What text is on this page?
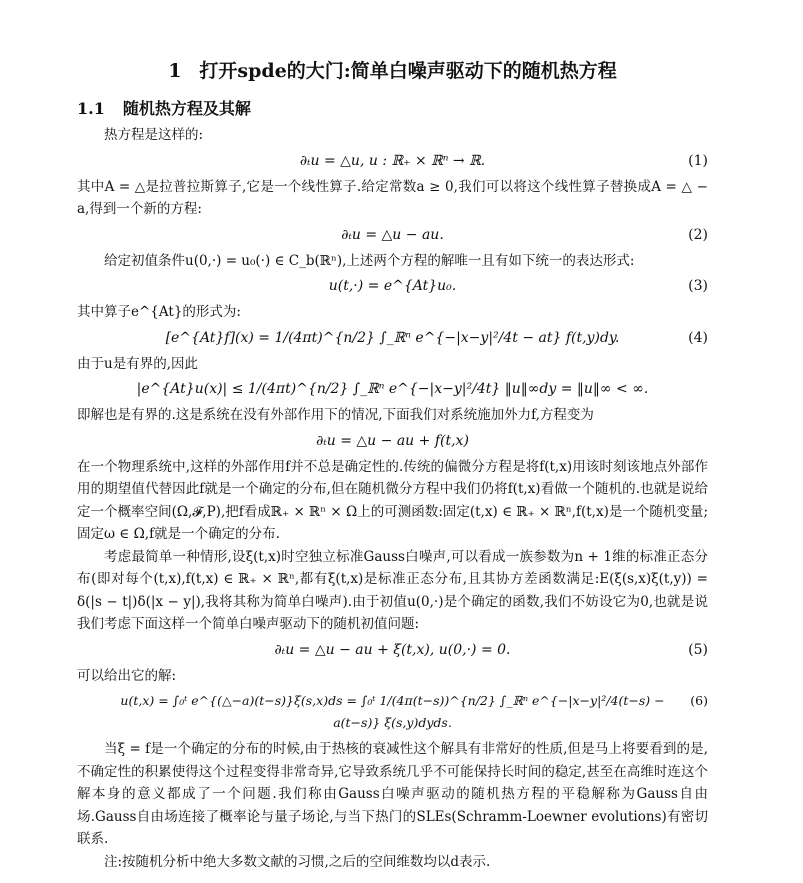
1 打开spde的大门:简单白噪声驱动下的随机热方程
1.1 随机热方程及其解

热方程是这样的:

∂ₜu = △u, u : ℝ₊ × ℝⁿ → ℝ.	(1)

其中A = △是拉普拉斯算子,它是一个线性算子.给定常数a ≥ 0,我们可以将这个线性算子替换成A = △ − a,得到一个新的方程:

∂ₜu = △u − au.	(2)

给定初值条件u(0,·) = u₀(·) ∈ C_b(ℝⁿ),上述两个方程的解唯一且有如下统一的表达形式:

u(t,·) = e^{At}u₀.	(3)

其中算子e^{At}的形式为:

[e^{At}f](x) = 1/(4πt)^{n/2} ∫_ℝⁿ e^{−|x−y|²/4t − at} f(t,y)dy.	(4)

由于u是有界的,因此

|e^{At}u(x)| ≤ 1/(4πt)^{n/2} ∫_ℝⁿ e^{−|x−y|²/4t} ‖u‖∞dy = ‖u‖∞ < ∞.

即解也是有界的.这是系统在没有外部作用下的情况,下面我们对系统施加外力f,方程变为

∂ₜu = △u − au + f(t,x)

在一个物理系统中,这样的外部作用f并不总是确定性的.传统的偏微分方程是将f(t,x)用该时刻该地点外部作用的期望值代替因此f就是一个确定的分布,但在随机微分方程中我们仍将f(t,x)看做一个随机的.也就是说给定一个概率空间(Ω,𝓕,P),把f看成ℝ₊ × ℝⁿ × Ω上的可测函数:固定(t,x) ∈ ℝ₊ × ℝⁿ,f(t,x)是一个随机变量;固定ω ∈ Ω,f就是一个确定的分布.

考虑最简单一种情形,设ξ(t,x)时空独立标准Gauss白噪声,可以看成一族参数为n + 1维的标准正态分布(即对每个(t,x),f(t,x) ∈ ℝ₊ × ℝⁿ,都有ξ(t,x)是标准正态分布,且其协方差函数满足:E(ξ(s,x)ξ(t,y)) = δ(|s − t|)δ(|x − y|),我将其称为简单白噪声).由于初值u(0,·)是个确定的函数,我们不妨设它为0,也就是说我们考虑下面这样一个简单白噪声驱动下的随机初值问题:

∂ₜu = △u − au + ξ(t,x), u(0,·) = 0.	(5)

可以给出它的解:

u(t,x) = ∫₀ᵗ e^{(△−a)(t−s)}ξ(s,x)ds = ∫₀ᵗ 1/(4π(t−s))^{n/2} ∫_ℝⁿ e^{−|x−y|²/4(t−s) − a(t−s)} ξ(s,y)dyds.
(6)

当ξ = f是一个确定的分布的时候,由于热核的衰减性这个解具有非常好的性质,但是马上将要看到的是,不确定性的积累使得这个过程变得非常奇异,它导致系统几乎不可能保持长时间的稳定,甚至在高维时连这个解本身的意义都成了一个问题.我们称由Gauss白噪声驱动的随机热方程的平稳解称为Gauss自由场.Gauss自由场连接了概率论与量子场论,与当下热门的SLEs(Schramm-Loewner evolutions)有密切联系.

注:按随机分析中绝大多数文献的习惯,之后的空间维数均以d表示.
